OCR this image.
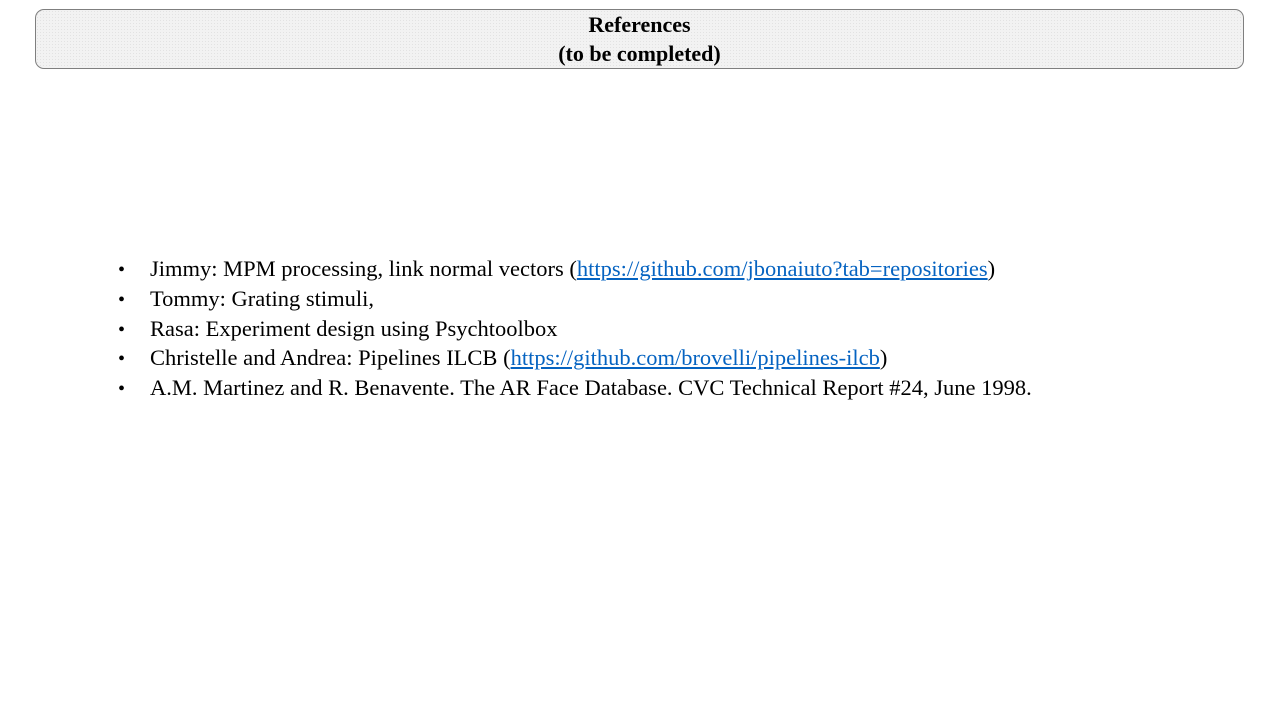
References
(to be completed)
•	Jimmy: MPM processing, link normal vectors (https://github.com/jbonaiuto?tab=repositories)
•	Tommy: Grating stimuli,
•	Rasa: Experiment design using Psychtoolbox
•	Christelle and Andrea: Pipelines ILCB (https://github.com/brovelli/pipelines-ilcb)
•	A.M. Martinez and R. Benavente. The AR Face Database. CVC Technical Report #24, June 1998.
